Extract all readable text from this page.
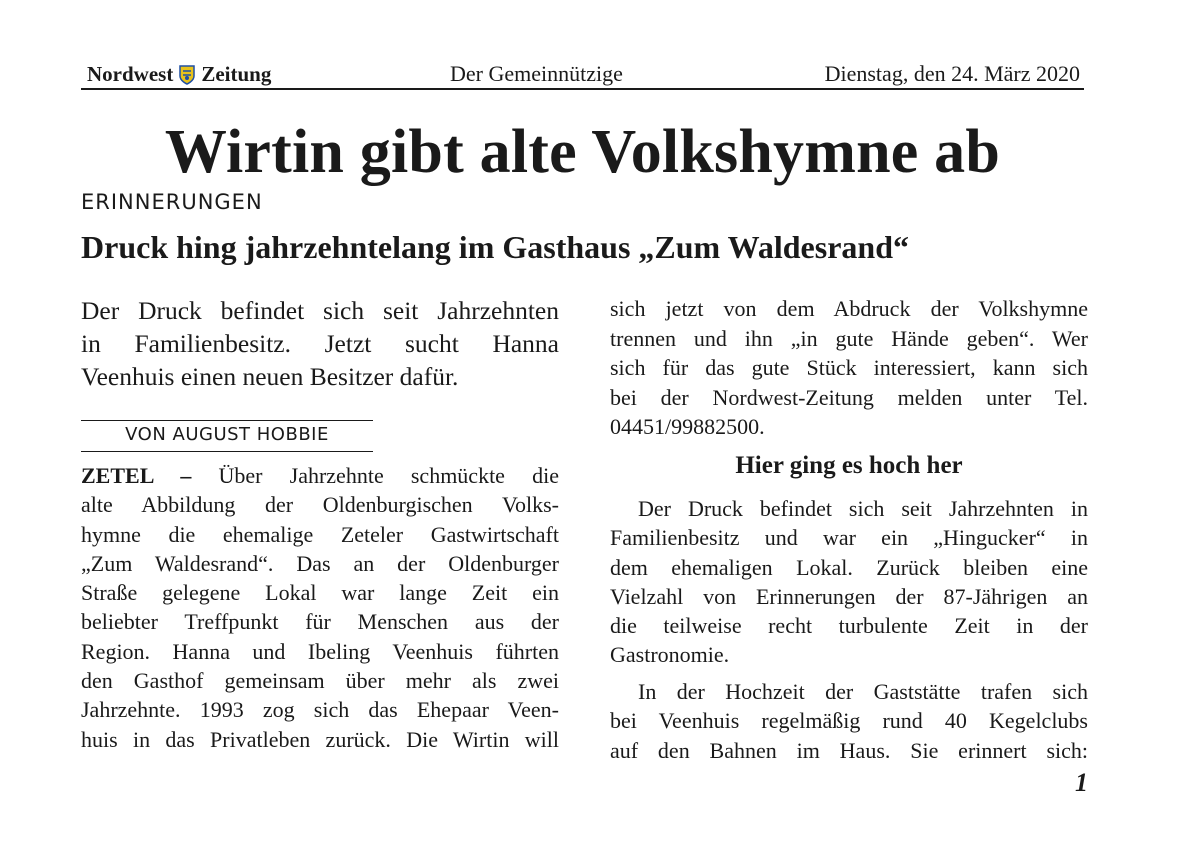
Nordwest Zeitung	Der Gemeinnützige	Dienstag, den 24. März 2020
Wirtin gibt alte Volkshymne ab
ERINNERUNGEN
Druck hing jahrzehntelang im Gasthaus „Zum Waldesrand“
Der Druck befindet sich seit Jahrzehnten
in Familienbesitz. Jetzt sucht Hanna
Veenhuis einen neuen Besitzer dafür.
VON AUGUST HOBBIE
ZETEL – Über Jahrzehnte schmückte die
alte Abbildung der Oldenburgischen Volks-
hymne die ehemalige Zeteler Gastwirtschaft
„Zum Waldesrand“. Das an der Oldenburger
Straße gelegene Lokal war lange Zeit ein
beliebter Treffpunkt für Menschen aus der
Region. Hanna und Ibeling Veenhuis führten
den Gasthof gemeinsam über mehr als zwei
Jahrzehnte. 1993 zog sich das Ehepaar Veen-
huis in das Privatleben zurück. Die Wirtin will
sich jetzt von dem Abdruck der Volkshymne
trennen und ihn „in gute Hände geben“. Wer
sich für das gute Stück interessiert, kann sich
bei der Nordwest-Zeitung melden unter Tel.
04451/99882500.
Hier ging es hoch her
Der Druck befindet sich seit Jahrzehnten in
Familienbesitz und war ein „Hingucker“ in
dem ehemaligen Lokal. Zurück bleiben eine
Vielzahl von Erinnerungen der 87-Jährigen an
die teilweise recht turbulente Zeit in der
Gastronomie.
In der Hochzeit der Gaststätte trafen sich
bei Veenhuis regelmäßig rund 40 Kegelclubs
auf den Bahnen im Haus. Sie erinnert sich:
1
